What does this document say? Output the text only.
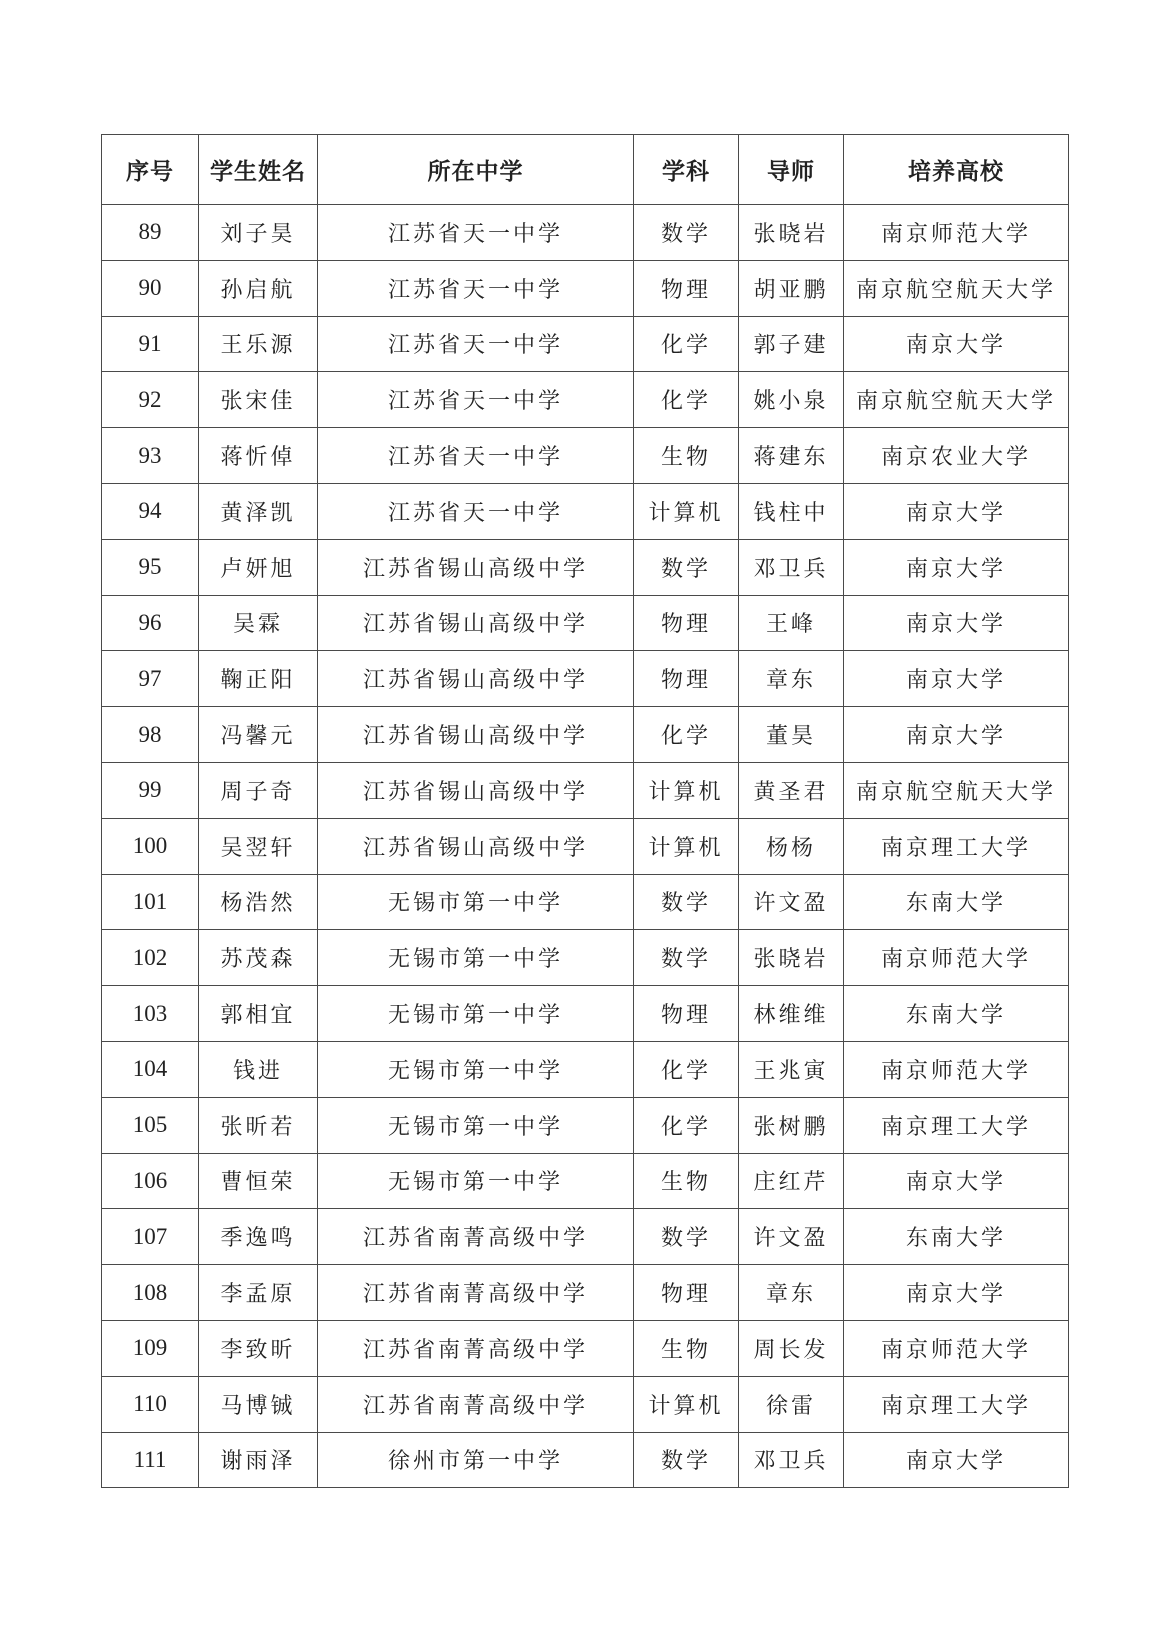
序号	学生姓名	所在中学	学科	导师	培养高校
89	刘子昊	江苏省天一中学	数学	张晓岩	南京师范大学
90	孙启航	江苏省天一中学	物理	胡亚鹏	南京航空航天大学
91	王乐源	江苏省天一中学	化学	郭子建	南京大学
92	张宋佳	江苏省天一中学	化学	姚小泉	南京航空航天大学
93	蒋忻倬	江苏省天一中学	生物	蒋建东	南京农业大学
94	黄泽凯	江苏省天一中学	计算机	钱柱中	南京大学
95	卢妍旭	江苏省锡山高级中学	数学	邓卫兵	南京大学
96	吴霖	江苏省锡山高级中学	物理	王峰	南京大学
97	鞠正阳	江苏省锡山高级中学	物理	章东	南京大学
98	冯馨元	江苏省锡山高级中学	化学	董昊	南京大学
99	周子奇	江苏省锡山高级中学	计算机	黄圣君	南京航空航天大学
100	吴翌轩	江苏省锡山高级中学	计算机	杨杨	南京理工大学
101	杨浩然	无锡市第一中学	数学	许文盈	东南大学
102	苏茂森	无锡市第一中学	数学	张晓岩	南京师范大学
103	郭相宜	无锡市第一中学	物理	林维维	东南大学
104	钱进	无锡市第一中学	化学	王兆寅	南京师范大学
105	张昕若	无锡市第一中学	化学	张树鹏	南京理工大学
106	曹恒荣	无锡市第一中学	生物	庄红芹	南京大学
107	季逸鸣	江苏省南菁高级中学	数学	许文盈	东南大学
108	李孟原	江苏省南菁高级中学	物理	章东	南京大学
109	李致昕	江苏省南菁高级中学	生物	周长发	南京师范大学
110	马博铖	江苏省南菁高级中学	计算机	徐雷	南京理工大学
111	谢雨泽	徐州市第一中学	数学	邓卫兵	南京大学
